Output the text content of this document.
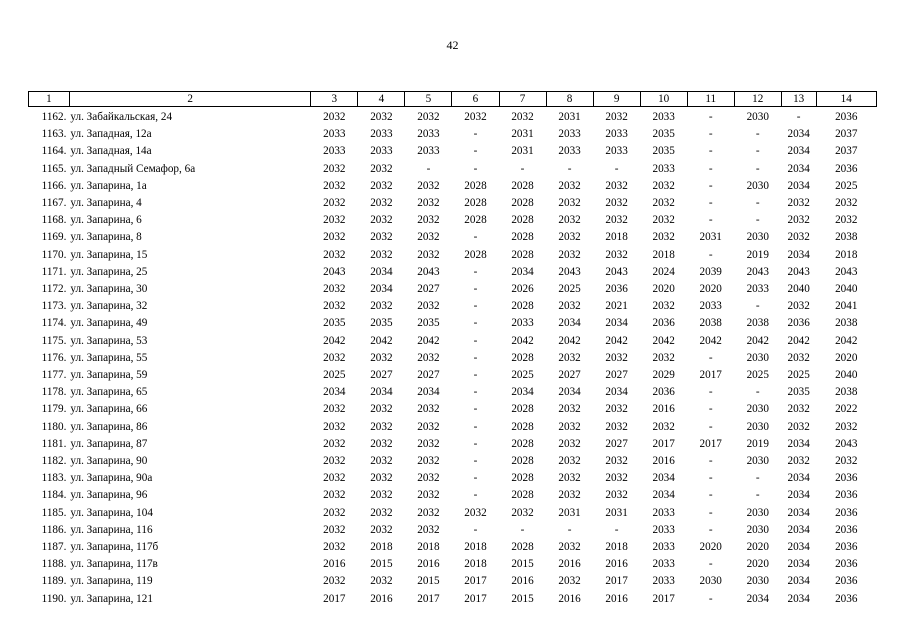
42
1	2	3	4	5	6	7	8	9	10	11	12	13	14
1162.	ул. Забайкальская, 24	2032	2032	2032	2032	2032	2031	2032	2033	-	2030	-	2036
1163.	ул. Западная, 12а	2033	2033	2033	-	2031	2033	2033	2035	-	-	2034	2037
1164.	ул. Западная, 14а	2033	2033	2033	-	2031	2033	2033	2035	-	-	2034	2037
1165.	ул. Западный Семафор, 6а	2032	2032	-	-	-	-	-	2033	-	-	2034	2036
1166.	ул. Запарина, 1а	2032	2032	2032	2028	2028	2032	2032	2032	-	2030	2034	2025
1167.	ул. Запарина, 4	2032	2032	2032	2028	2028	2032	2032	2032	-	-	2032	2032
1168.	ул. Запарина, 6	2032	2032	2032	2028	2028	2032	2032	2032	-	-	2032	2032
1169.	ул. Запарина, 8	2032	2032	2032	-	2028	2032	2018	2032	2031	2030	2032	2038
1170.	ул. Запарина, 15	2032	2032	2032	2028	2028	2032	2032	2018	-	2019	2034	2018
1171.	ул. Запарина, 25	2043	2034	2043	-	2034	2043	2043	2024	2039	2043	2043	2043
1172.	ул. Запарина, 30	2032	2034	2027	-	2026	2025	2036	2020	2020	2033	2040	2040
1173.	ул. Запарина, 32	2032	2032	2032	-	2028	2032	2021	2032	2033	-	2032	2041
1174.	ул. Запарина, 49	2035	2035	2035	-	2033	2034	2034	2036	2038	2038	2036	2038
1175.	ул. Запарина, 53	2042	2042	2042	-	2042	2042	2042	2042	2042	2042	2042	2042
1176.	ул. Запарина, 55	2032	2032	2032	-	2028	2032	2032	2032	-	2030	2032	2020
1177.	ул. Запарина, 59	2025	2027	2027	-	2025	2027	2027	2029	2017	2025	2025	2040
1178.	ул. Запарина, 65	2034	2034	2034	-	2034	2034	2034	2036	-	-	2035	2038
1179.	ул. Запарина, 66	2032	2032	2032	-	2028	2032	2032	2016	-	2030	2032	2022
1180.	ул. Запарина, 86	2032	2032	2032	-	2028	2032	2032	2032	-	2030	2032	2032
1181.	ул. Запарина, 87	2032	2032	2032	-	2028	2032	2027	2017	2017	2019	2034	2043
1182.	ул. Запарина, 90	2032	2032	2032	-	2028	2032	2032	2016	-	2030	2032	2032
1183.	ул. Запарина, 90а	2032	2032	2032	-	2028	2032	2032	2034	-	-	2034	2036
1184.	ул. Запарина, 96	2032	2032	2032	-	2028	2032	2032	2034	-	-	2034	2036
1185.	ул. Запарина, 104	2032	2032	2032	2032	2032	2031	2031	2033	-	2030	2034	2036
1186.	ул. Запарина, 116	2032	2032	2032	-	-	-	-	2033	-	2030	2034	2036
1187.	ул. Запарина, 117б	2032	2018	2018	2018	2028	2032	2018	2033	2020	2020	2034	2036
1188.	ул. Запарина, 117в	2016	2015	2016	2018	2015	2016	2016	2033	-	2020	2034	2036
1189.	ул. Запарина, 119	2032	2032	2015	2017	2016	2032	2017	2033	2030	2030	2034	2036
1190.	ул. Запарина, 121	2017	2016	2017	2017	2015	2016	2016	2017	-	2034	2034	2036
